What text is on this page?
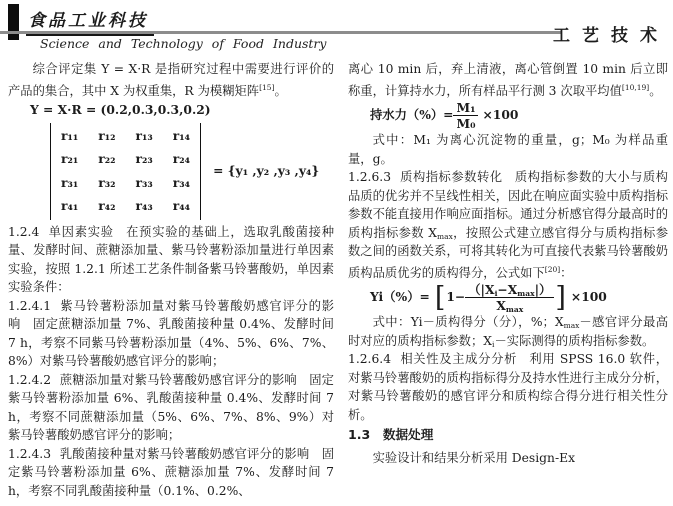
食品工业科技
Science and Technology of Food Industry	工艺技术

综合评定集 Y = X·R 是指研究过程中需要进行评价的产品的集合，其中 X 为权重集，R 为模糊矩阵[15]。

Y = X·R = (0.2,0.3,0.3,0.2)
r₁₁ r₁₂ r₁₃ r₁₄
r₂₁ r₂₂ r₂₃ r₂₄
r₃₁ r₃₂ r₃₃ r₃₄
r₄₁ r₄₂ r₄₃ r₄₄
= {y₁ ,y₂ ,y₃ ,y₄}

1.2.4 单因素实验 在预实验的基础上，选取乳酸菌接种量、发酵时间、蔗糖添加量、紫马铃薯粉添加量进行单因素实验，按照 1.2.1 所述工艺条件制备紫马铃薯酸奶，单因素实验条件：

1.2.4.1 紫马铃薯粉添加量对紫马铃薯酸奶感官评分的影响 固定蔗糖添加量 7%、乳酸菌接种量 0.4%、发酵时间 7 h，考察不同紫马铃薯粉添加量（4%、5%、6%、7%、8%）对紫马铃薯酸奶感官评分的影响；

1.2.4.2 蔗糖添加量对紫马铃薯酸奶感官评分的影响 固定紫马铃薯粉添加量 6%、乳酸菌接种量 0.4%、发酵时间 7 h，考察不同蔗糖添加量（5%、6%、7%、8%、9%）对紫马铃薯酸奶感官评分的影响；

1.2.4.3 乳酸菌接种量对紫马铃薯酸奶感官评分的影响 固定紫马铃薯粉添加量 6%、蔗糖添加量 7%、发酵时间 7 h，考察不同乳酸菌接种量（0.1%、0.2%、

离心 10 min 后，弃上清液，离心管倒置 10 min 后立即称重，计算持水力，所有样品平行测 3 次取平均值[10,19]。

持水力（%）= $\frac{\text{M₁}}{\text{M₀}} \times 100$

式中：M₁ 为离心沉淀物的重量，g；M₀ 为样品重量，g。

1.2.6.3 质构指标参数转化 质构指标参数的大小与质构品质的优劣并不呈线性相关，因此在响应面实验中质构指标参数不能直接用作响应面指标。通过分析感官得分最高时的质构指标参数 $X_{max}$，按照公式建立感官得分与质构指标参数之间的函数关系，可将其转化为可直接代表紫马铃薯酸奶质构品质优劣的质构得分，公式如下[20]：

Yi（%）= [ $1- \frac{(|X_i-X_{max}|)}{X_{max}}$ ] ×100

式中：Yi－质构得分（分），%；$X_{max}-$感官评分最高时对应的质构指标参数；$X_i-$实际测得的质构指标参数。

1.2.6.4 相关性及主成分分析 利用 SPSS 16.0 软件，对紫马铃薯酸奶的质构指标得分及持水性进行主成分分析，对紫马铃薯酸奶的感官评分和质构综合得分进行相关性分析。

1.3 数据处理

实验设计和结果分析采用 Design-Ex
